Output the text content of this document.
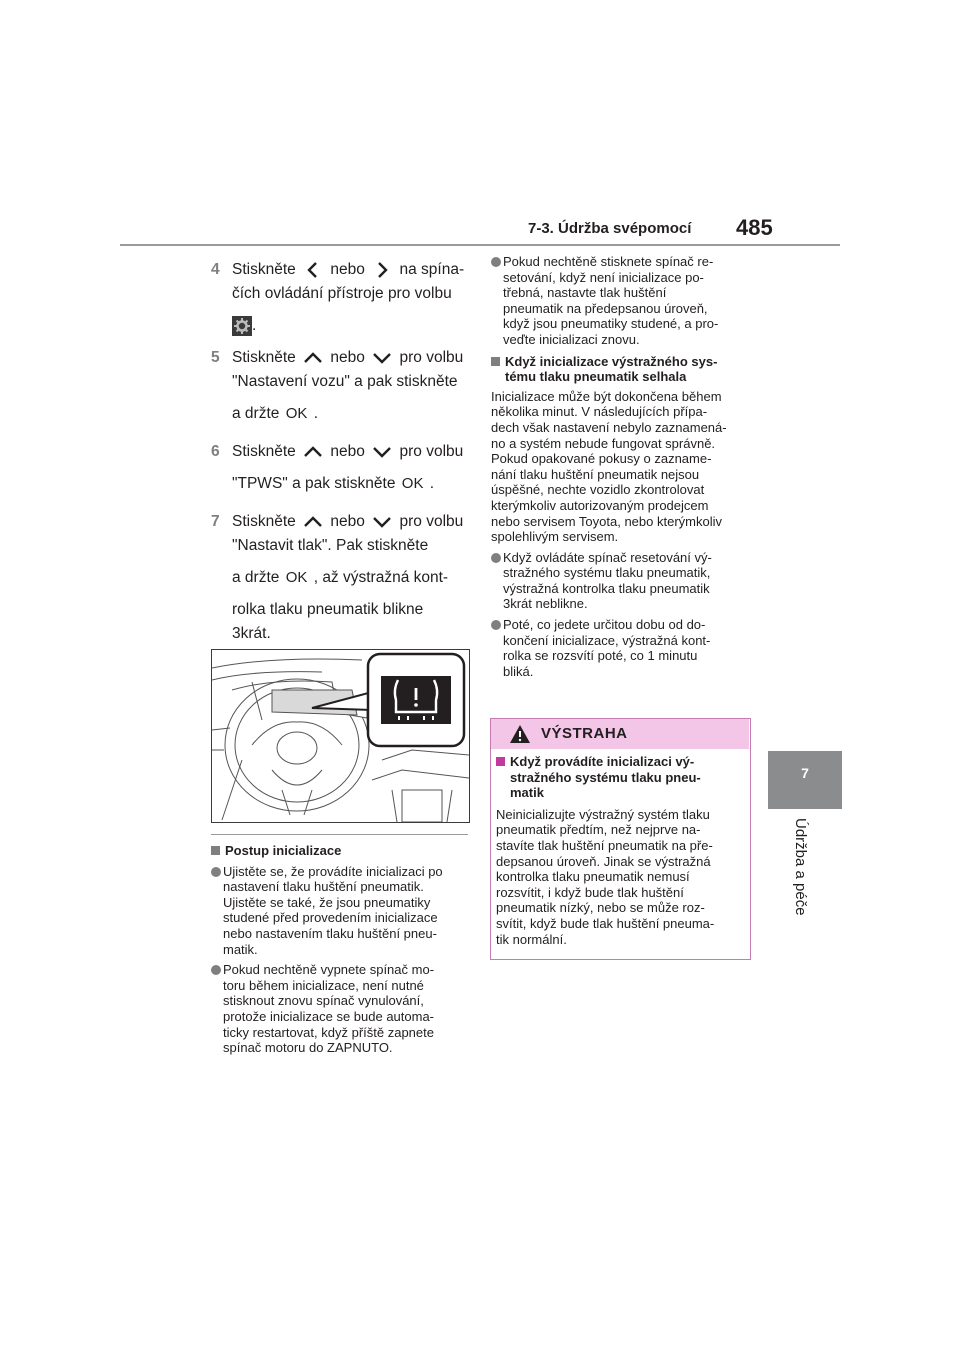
7-3. Údržba svépomocí 485
7
Údržba a péče
4 Stiskněte nebo na spína-
čích ovládání přístroje pro volbu
.
5 Stiskněte nebo pro volbu
"Nastavení vozu" a pak stiskněte
a držte OK .
6 Stiskněte nebo pro volbu
"TPWS" a pak stiskněte OK .
7 Stiskněte nebo pro volbu
"Nastavit tlak". Pak stiskněte
a držte OK , až výstražná kont-
rolka tlaku pneumatik blikne
3krát.
Postup inicializace
Ujistěte se, že provádíte inicializaci po
nastavení tlaku huštění pneumatik.
Ujistěte se také, že jsou pneumatiky
studené před provedením inicializace
nebo nastavením tlaku huštění pneu-
matik.
Pokud nechtěně vypnete spínač mo-
toru během inicializace, není nutné
stisknout znovu spínač vynulování,
protože inicializace se bude automa-
ticky restartovat, když příště zapnete
spínač motoru do ZAPNUTO.
Pokud nechtěně stisknete spínač re-
setování, když není inicializace po-
třebná, nastavte tlak huštění
pneumatik na předepsanou úroveň,
když jsou pneumatiky studené, a pro-
veďte inicializaci znovu.
Když inicializace výstražného sys-
tému tlaku pneumatik selhala
Inicializace může být dokončena během
několika minut. V následujících přípa-
dech však nastavení nebylo zaznamená-
no a systém nebude fungovat správně.
Pokud opakované pokusy o zazname-
nání tlaku huštění pneumatik nejsou
úspěšné, nechte vozidlo zkontrolovat
kterýmkoliv autorizovaným prodejcem
nebo servisem Toyota, nebo kterýmkoliv
spolehlivým servisem.
Když ovládáte spínač resetování vý-
stražného systému tlaku pneumatik,
výstražná kontrolka tlaku pneumatik
3krát neblikne.
Poté, co jedete určitou dobu od do-
končení inicializace, výstražná kont-
rolka se rozsvítí poté, co 1 minutu
bliká.
VÝSTRAHA
Když provádíte inicializaci vý-
stražného systému tlaku pneu-
matik
Neinicializujte výstražný systém tlaku
pneumatik předtím, než nejprve na-
stavíte tlak huštění pneumatik na pře-
depsanou úroveň. Jinak se výstražná
kontrolka tlaku pneumatik nemusí
rozsvítit, i když bude tlak huštění
pneumatik nízký, nebo se může roz-
svítit, když bude tlak huštění pneuma-
tik normální.
